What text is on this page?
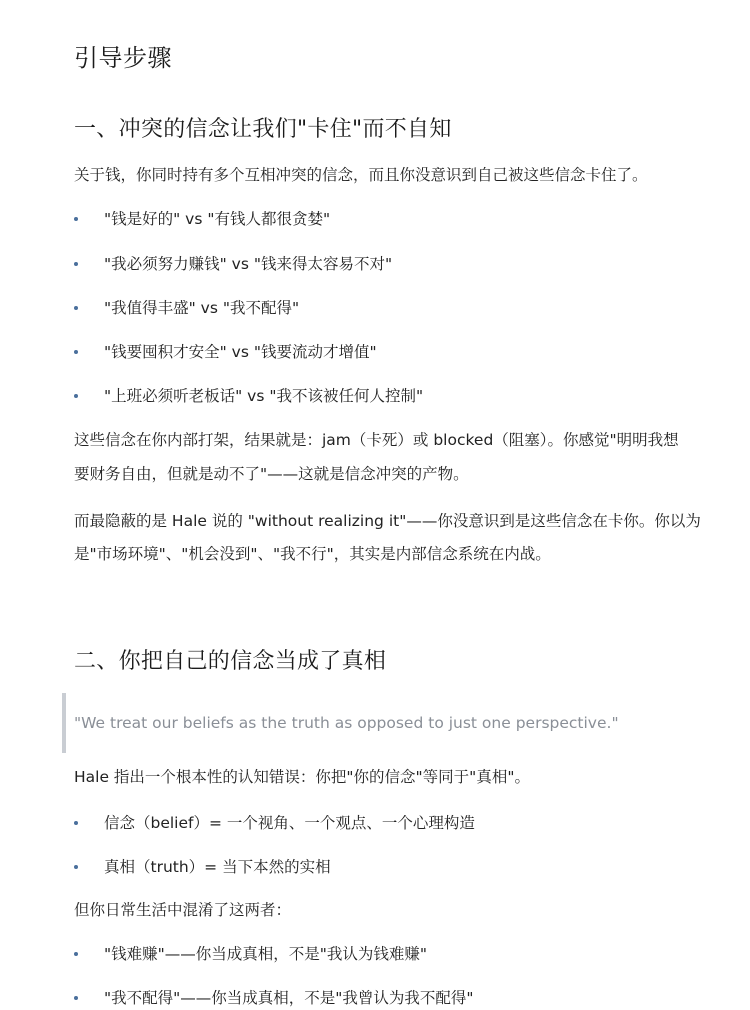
引导步骤
一、冲突的信念让我们"卡住"而不自知

关于钱，你同时持有多个互相冲突的信念，而且你没意识到自己被这些信念卡住了。

"钱是好的" vs "有钱人都很贪婪"
"我必须努力赚钱" vs "钱来得太容易不对"
"我值得丰盛" vs "我不配得"
"钱要囤积才安全" vs "钱要流动才增值"
"上班必须听老板话" vs "我不该被任何人控制"

这些信念在你内部打架，结果就是：jam（卡死）或 blocked（阻塞）。你感觉"明明我想

要财务自由，但就是动不了"——这就是信念冲突的产物。

而最隐蔽的是 Hale 说的 "without realizing it"——你没意识到是这些信念在卡你。你以为

是"市场环境"、"机会没到"、"我不行"，其实是内部信念系统在内战。

二、你把自己的信念当成了真相
"We treat our beliefs as the truth as opposed to just one perspective."

Hale 指出一个根本性的认知错误：你把"你的信念"等同于"真相"。

信念（belief）= 一个视角、一个观点、一个心理构造
真相（truth）= 当下本然的实相

但你日常生活中混淆了这两者：

"钱难赚"——你当成真相，不是"我认为钱难赚"
"我不配得"——你当成真相，不是"我曾认为我不配得"
